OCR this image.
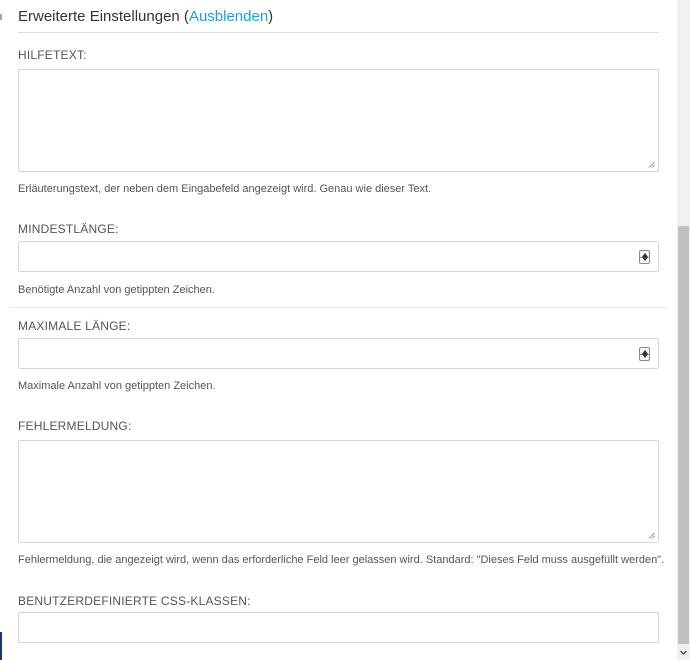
Erweiterte Einstellungen (Ausblenden)
HILFETEXT:
Erläuterungstext, der neben dem Eingabefeld angezeigt wird. Genau wie dieser Text.
MINDESTLÄNGE:
Benötigte Anzahl von getippten Zeichen.
MAXIMALE LÄNGE:
Maximale Anzahl von getippten Zeichen.
FEHLERMELDUNG:
Fehlermeldung, die angezeigt wird, wenn das erforderliche Feld leer gelassen wird. Standard: "Dieses Feld muss ausgefüllt werden".
BENUTZERDEFINIERTE CSS-KLASSEN:
